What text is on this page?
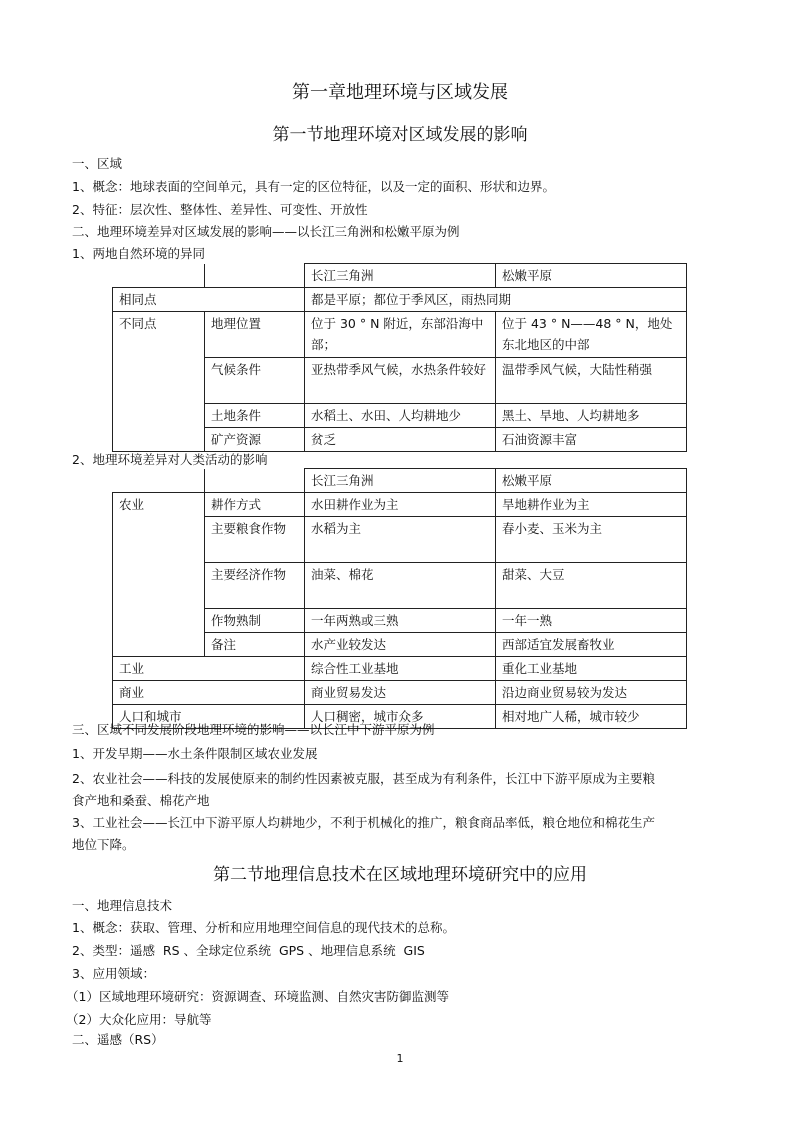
第一章地理环境与区域发展
第一节地理环境对区域发展的影响
一、区域
1、概念：地球表面的空间单元，具有一定的区位特征，以及一定的面积、形状和边界。
2、特征：层次性、整体性、差异性、可变性、开放性
二、地理环境差异对区域发展的影响——以长江三角洲和松嫩平原为例
1、两地自然环境的异同
		长江三角洲	松嫩平原
相同点		都是平原；都位于季风区，雨热同期	
不同点	地理位置	位于 30 ° N 附近，东部沿海中部；	位于 43 ° N——48 ° N，地处东北地区的中部
	气候条件	亚热带季风气候，水热条件较好	温带季风气候，大陆性稍强
	土地条件	水稻土、水田、人均耕地少	黑土、旱地、人均耕地多
	矿产资源	贫乏	石油资源丰富
2、地理环境差异对人类活动的影响
		长江三角洲	松嫩平原
农业	耕作方式	水田耕作业为主	旱地耕作业为主
	主要粮食作物	水稻为主	春小麦、玉米为主
	主要经济作物	油菜、棉花	甜菜、大豆
	作物熟制	一年两熟或三熟	一年一熟
	备注	水产业较发达	西部适宜发展畜牧业
工业		综合性工业基地	重化工业基地
商业		商业贸易发达	沿边商业贸易较为发达
人口和城市		人口稠密，城市众多	相对地广人稀，城市较少
三、区域不同发展阶段地理环境的影响——以长江中下游平原为例
1、开发早期——水土条件限制区域农业发展
2、农业社会——科技的发展使原来的制约性因素被克服，甚至成为有利条件，长江中下游平原成为主要粮食产地和桑蚕、棉花产地
3、工业社会——长江中下游平原人均耕地少，不利于机械化的推广，粮食商品率低，粮仓地位和棉花生产地位下降。
第二节地理信息技术在区域地理环境研究中的应用
一、地理信息技术
1、概念：获取、管理、分析和应用地理空间信息的现代技术的总称。
2、类型：遥感  RS 、全球定位系统  GPS 、地理信息系统  GIS
3、应用领域：
（1）区域地理环境研究：资源调查、环境监测、自然灾害防御监测等
（2）大众化应用：导航等
二、遥感（RS）
1
